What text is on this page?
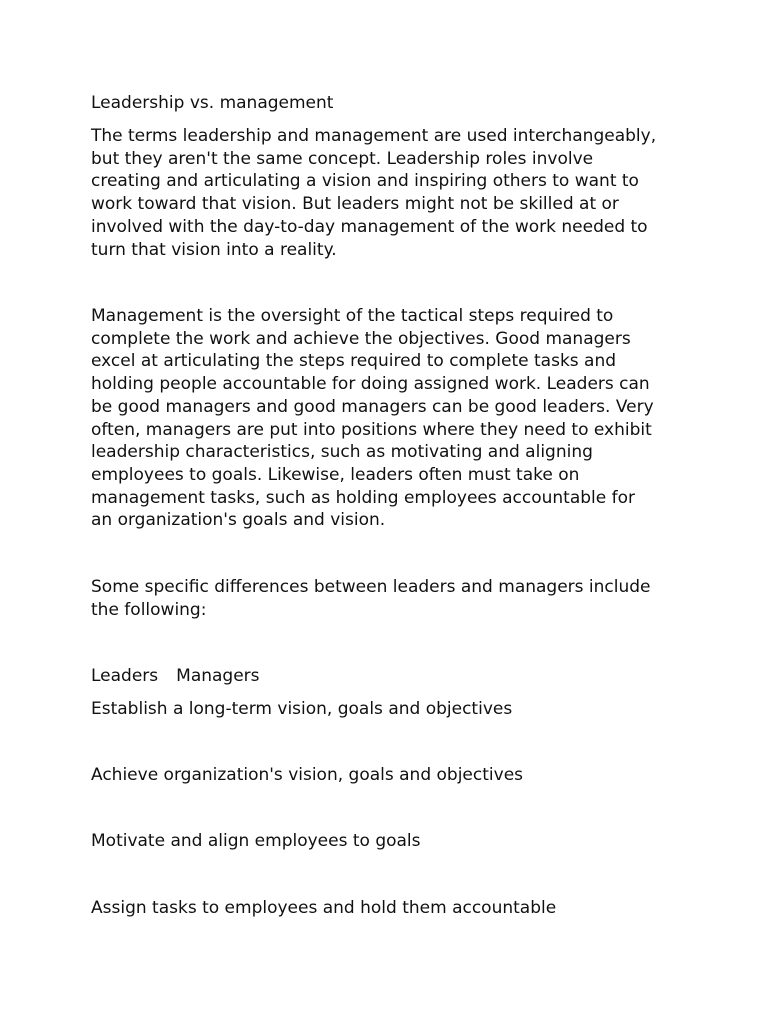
Leadership vs. management

The terms leadership and management are used interchangeably,
but they aren't the same concept. Leadership roles involve
creating and articulating a vision and inspiring others to want to
work toward that vision. But leaders might not be skilled at or
involved with the day-to-day management of the work needed to
turn that vision into a reality.

Management is the oversight of the tactical steps required to
complete the work and achieve the objectives. Good managers
excel at articulating the steps required to complete tasks and
holding people accountable for doing assigned work. Leaders can
be good managers and good managers can be good leaders. Very
often, managers are put into positions where they need to exhibit
leadership characteristics, such as motivating and aligning
employees to goals. Likewise, leaders often must take on
management tasks, such as holding employees accountable for
an organization's goals and vision.

Some specific differences between leaders and managers include
the following:

Leaders Managers

Establish a long-term vision, goals and objectives

Achieve organization's vision, goals and objectives

Motivate and align employees to goals

Assign tasks to employees and hold them accountable
